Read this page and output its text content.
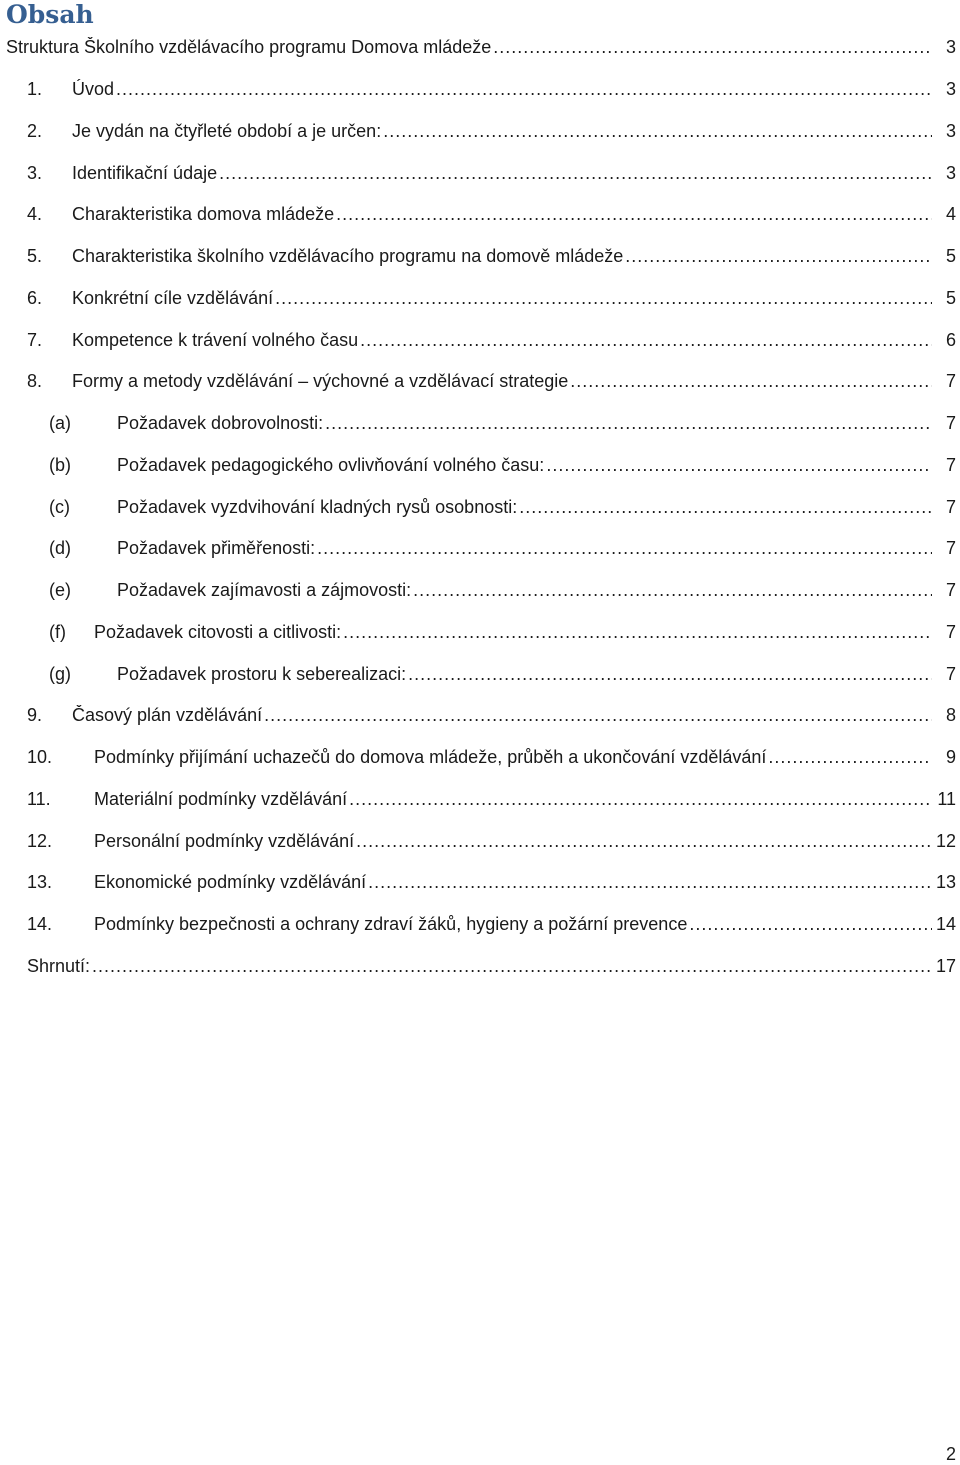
Obsah
Struktura Školního vzdělávacího programu Domova mládeže .....	3
1. Úvod .....	3
2. Je vydán na čtyřleté období a je určen: .....	3
3. Identifikační údaje .....	3
4. Charakteristika domova mládeže .....	4
5. Charakteristika školního vzdělávacího programu na domově mládeže .....	5
6. Konkrétní cíle vzdělávání .....	5
7. Kompetence k trávení volného času .....	6
8. Formy a metody vzdělávání – výchovné a vzdělávací strategie .....	7
(a)	Požadavek dobrovolnosti: .....	7
(b)	Požadavek pedagogického ovlivňování volného času: .....	7
(c)	Požadavek vyzdvihování kladných rysů osobnosti: .....	7
(d)	Požadavek přiměřenosti: .....	7
(e)	Požadavek zajímavosti a zájmovosti: .....	7
(f) Požadavek citovosti a citlivosti: .....	7
(g)	Požadavek prostoru k seberealizaci: .....	7
9. Časový plán vzdělávání .....	8
10. Podmínky přijímání uchazečů do domova mládeže, průběh a ukončování vzdělávání .....	9
11. Materiální podmínky vzdělávání .....	11
12. Personální podmínky vzdělávání .....	12
13. Ekonomické podmínky vzdělávání .....	13
14. Podmínky bezpečnosti a ochrany zdraví žáků, hygieny a požární prevence .....	14
Shrnutí: .....	17
2
